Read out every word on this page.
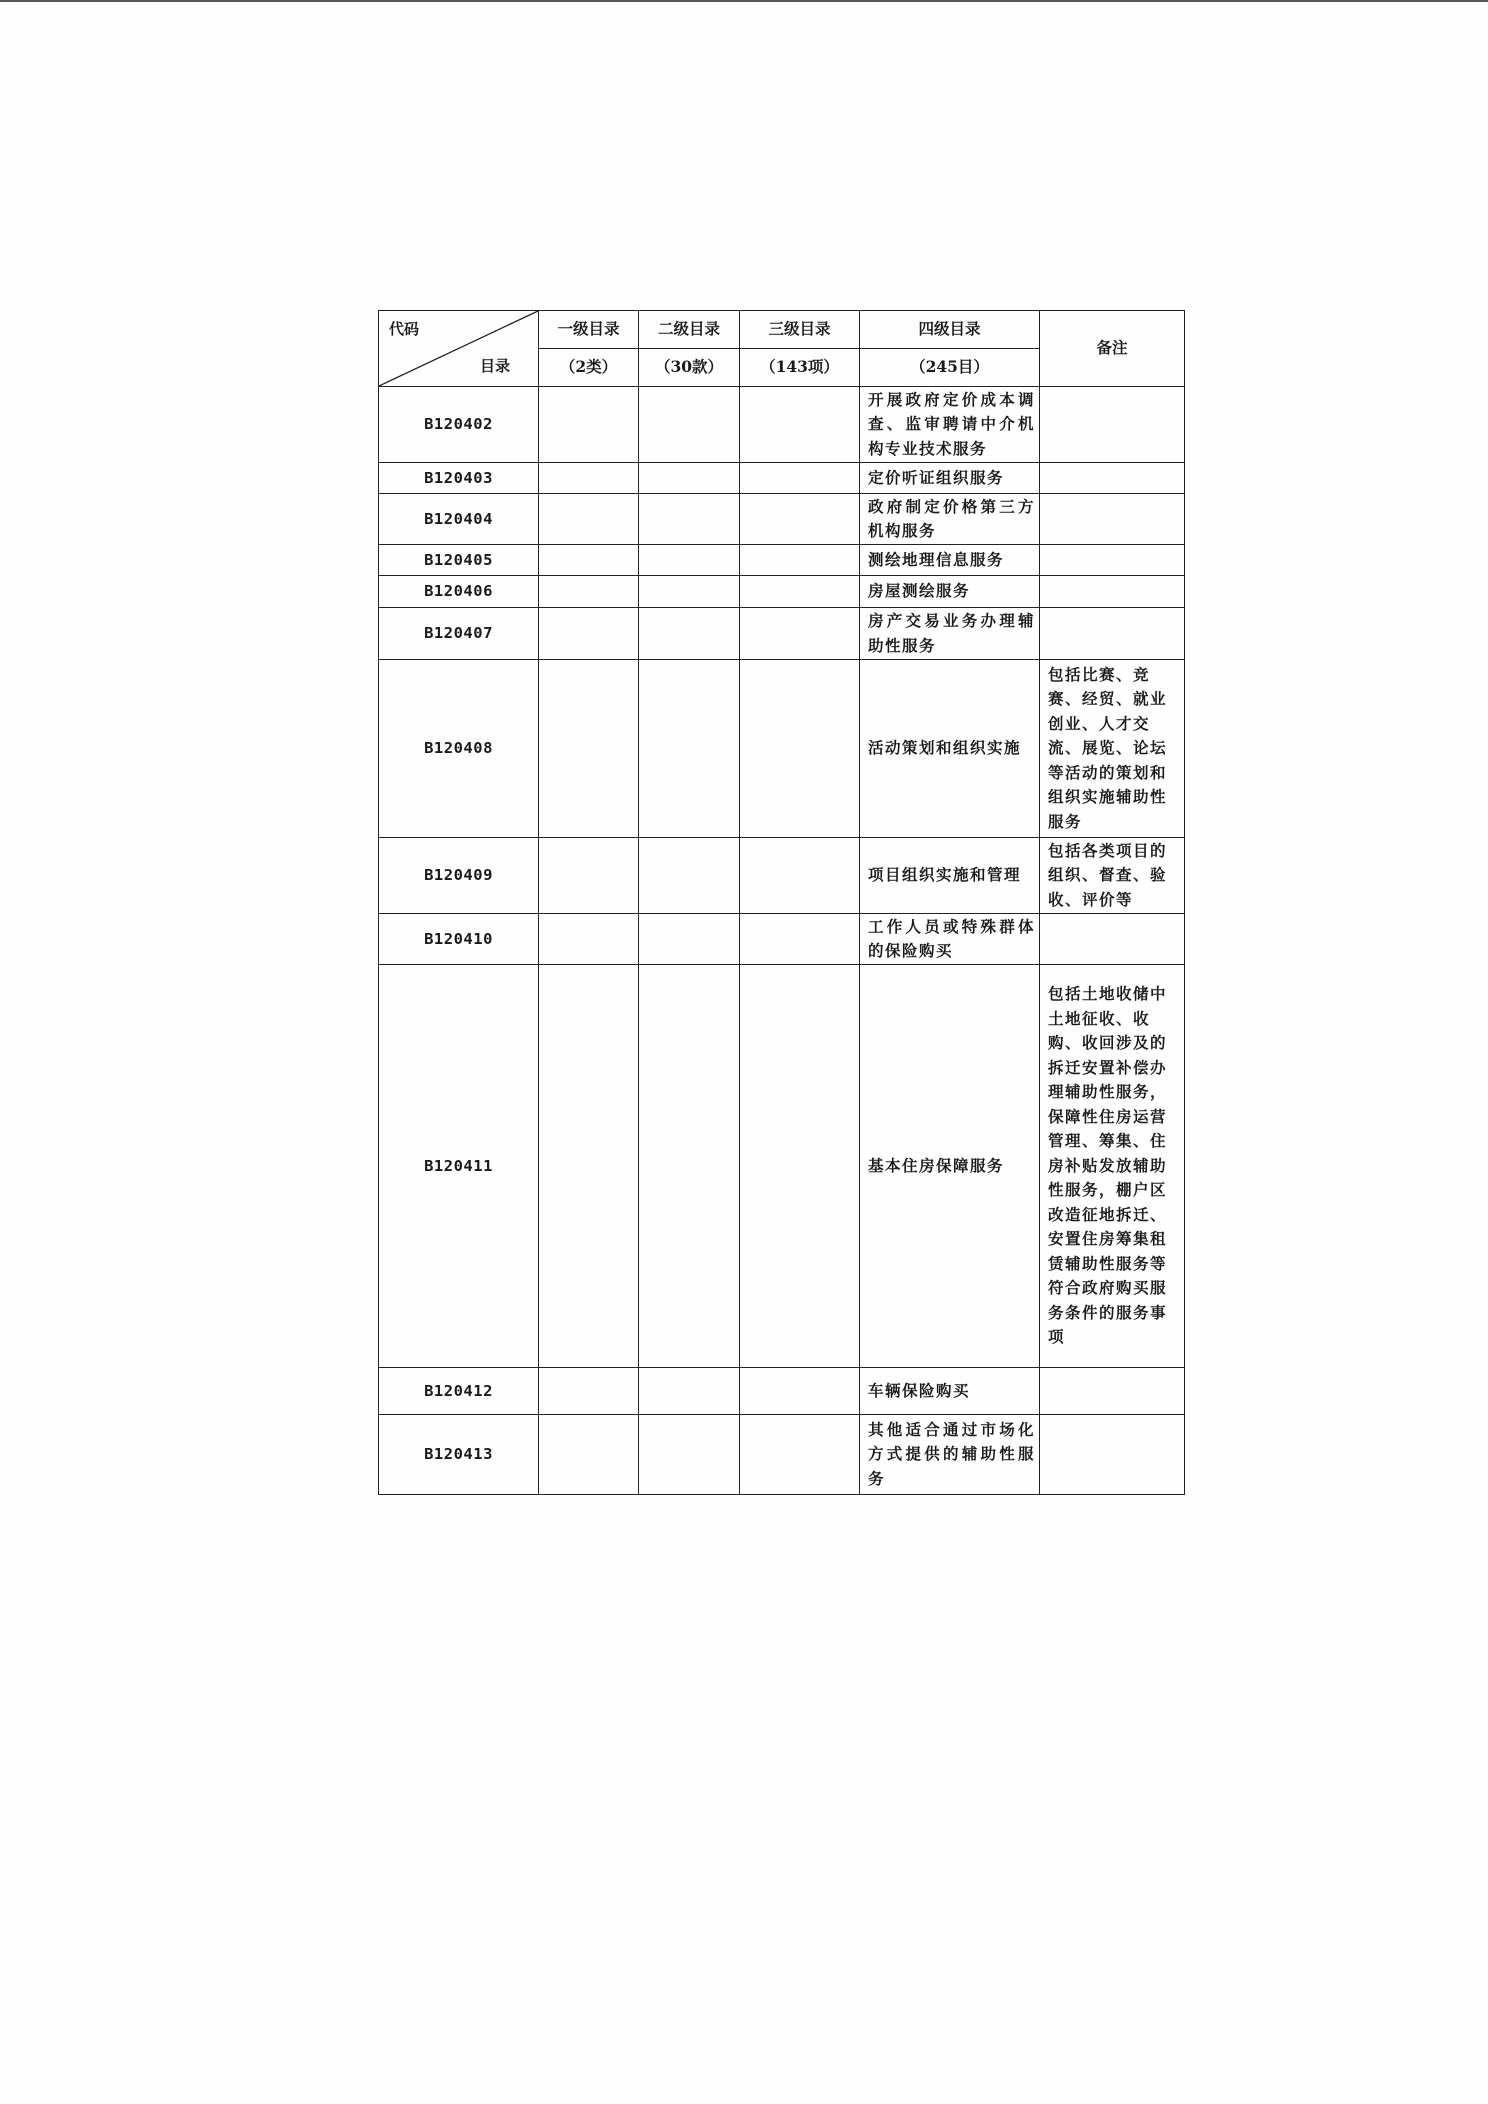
代码
目录	一级目录	二级目录	三级目录	四级目录	备注
	（2类）	（30款）	（143项）	（245目）	
B120402				开展政府定价成本调查、监审聘请中介机构专业技术服务	
B120403				定价听证组织服务	
B120404				政府制定价格第三方机构服务	
B120405				测绘地理信息服务	
B120406				房屋测绘服务	
B120407				房产交易业务办理辅助性服务	
B120408				活动策划和组织实施	包括比赛、竞赛、经贸、就业创业、人才交流、展览、论坛等活动的策划和组织实施辅助性服务
B120409				项目组织实施和管理	包括各类项目的组织、督查、验收、评价等
B120410				工作人员或特殊群体的保险购买	
B120411				基本住房保障服务	包括土地收储中土地征收、收购、收回涉及的拆迁安置补偿办理辅助性服务，保障性住房运营管理、筹集、住房补贴发放辅助性服务，棚户区改造征地拆迁、安置住房筹集租赁辅助性服务等符合政府购买服务条件的服务事项
B120412				车辆保险购买	
B120413				其他适合通过市场化方式提供的辅助性服务	
